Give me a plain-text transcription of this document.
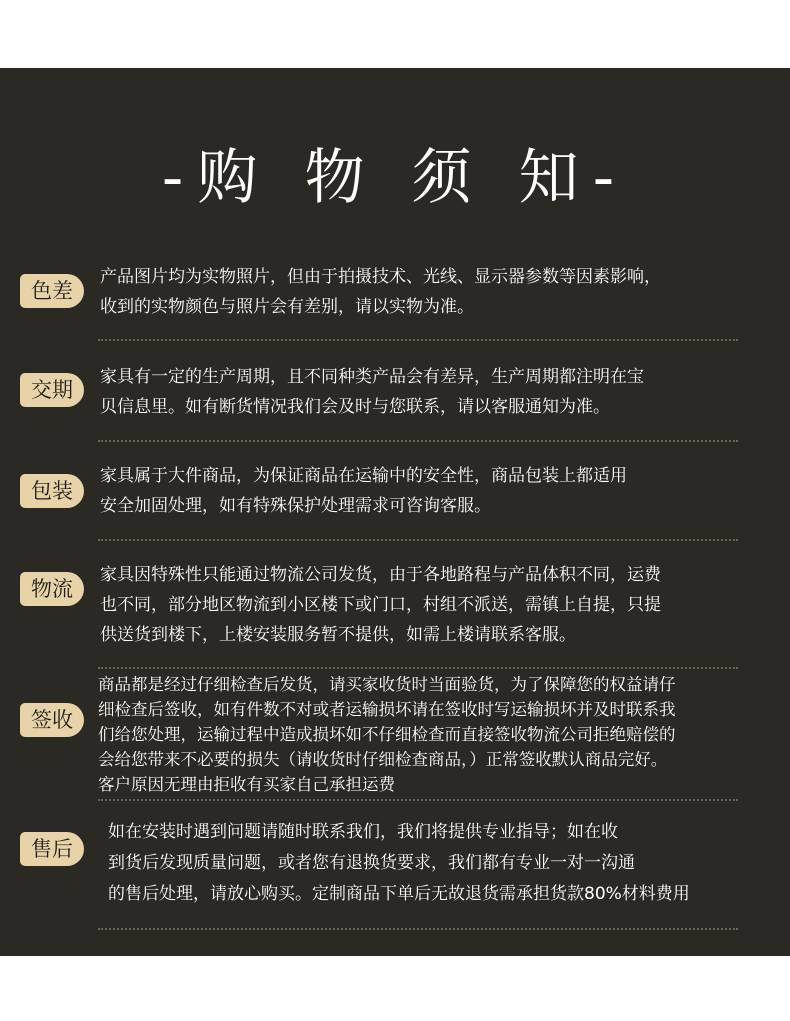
-购 物 须 知-
色差
产品图片均为实物照片，但由于拍摄技术、光线、显示器参数等因素影响，
收到的实物颜色与照片会有差别，请以实物为准。
交期
家具有一定的生产周期，且不同种类产品会有差异，生产周期都注明在宝
贝信息里。如有断货情况我们会及时与您联系，请以客服通知为准。
包装
家具属于大件商品，为保证商品在运输中的安全性，商品包装上都适用
安全加固处理，如有特殊保护处理需求可咨询客服。
物流
家具因特殊性只能通过物流公司发货，由于各地路程与产品体积不同，运费
也不同，部分地区物流到小区楼下或门口，村组不派送，需镇上自提，只提
供送货到楼下，上楼安装服务暂不提供，如需上楼请联系客服。
签收
商品都是经过仔细检查后发货，请买家收货时当面验货，为了保障您的权益请仔
细检查后签收，如有件数不对或者运输损坏请在签收时写运输损坏并及时联系我
们给您处理，运输过程中造成损坏如不仔细检查而直接签收物流公司拒绝赔偿的
会给您带来不必要的损失（请收货时仔细检查商品，）正常签收默认商品完好。
客户原因无理由拒收有买家自己承担运费
售后
如在安装时遇到问题请随时联系我们，我们将提供专业指导；如在收
到货后发现质量问题，或者您有退换货要求，我们都有专业一对一沟通
的售后处理，请放心购买。定制商品下单后无故退货需承担货款80%材料费用
